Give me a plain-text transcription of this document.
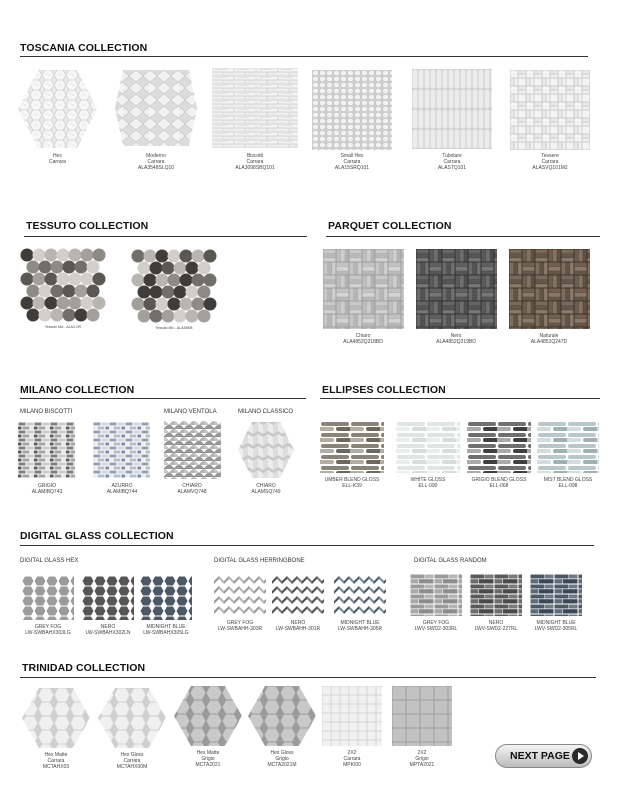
TOSCANIA COLLECTION
Hex
Carrara
Moderno
Carrara
ALA3548SLQ10
Biscotti
Carrara
ALA3098SBQ101
Small Hex
Carrara
ALA15SRQ101
Tubolare
Carrara
ALASTQ101
Tessere
Carrara
ALASVQ101M2
TESSUTO COLLECTION
Tessuto Mix - ALA3.OR	Tessuto Mix - ALA3BKB
PARQUET COLLECTION
Chiaro
ALA4852Q218BD
Nero
ALA4852Q219BD
Naturale
ALA4852Q247D
MILANO COLLECTION
MILANO BISCOTTI	MILANO VENTOLA	MILANO CLASSICO
GRIGIO
ALAMIBQ743
AZURRO
ALAMIBQ744
CHIARO
ALAMVQ748
CHIARO
ALAMSQ749
ELLIPSES COLLECTION
UMBER BLEND GLOSS
ELL-K39
WHITE GLOSS
ELL-090
GRIGIO BLEND GLOSS
ELL-068
MIST BLEND GLOSS
ELL-098
DIGITAL GLASS COLLECTION
DIGITAL GLASS HEX	DIGITAL GLASS HERRINGBONE	DIGITAL GLASS RANDOM
GREY FOG
LW-SWBAHX303LG
NERO
LW-SWBAHX302LN
MIDNIGHT BLUE
LW-SWBAHX305LG
GREY FOG
LW-SWBAHH-303R
NERO
LW-SWBAHH-301R
MIDNIGHT BLUE
LW-SWBAHH-305R
GREY FOG
LWV-SWD2-303RL
NERO
LWV-SWD2-227RL
MIDNIGHT BLUE
LWV-SWD2-305RL
TRINIDAD COLLECTION
Hex Matte
Carrara
MCTAHX03
Hex Gloss
Carrara
MCTAHX00M
Hex Matte
Grigio
MCTA2021
Hex Gloss
Grigio
MCTA2021M
2X2
Carrara
MPKI00
2X2
Grigio
MPTA2021
NEXT PAGE
